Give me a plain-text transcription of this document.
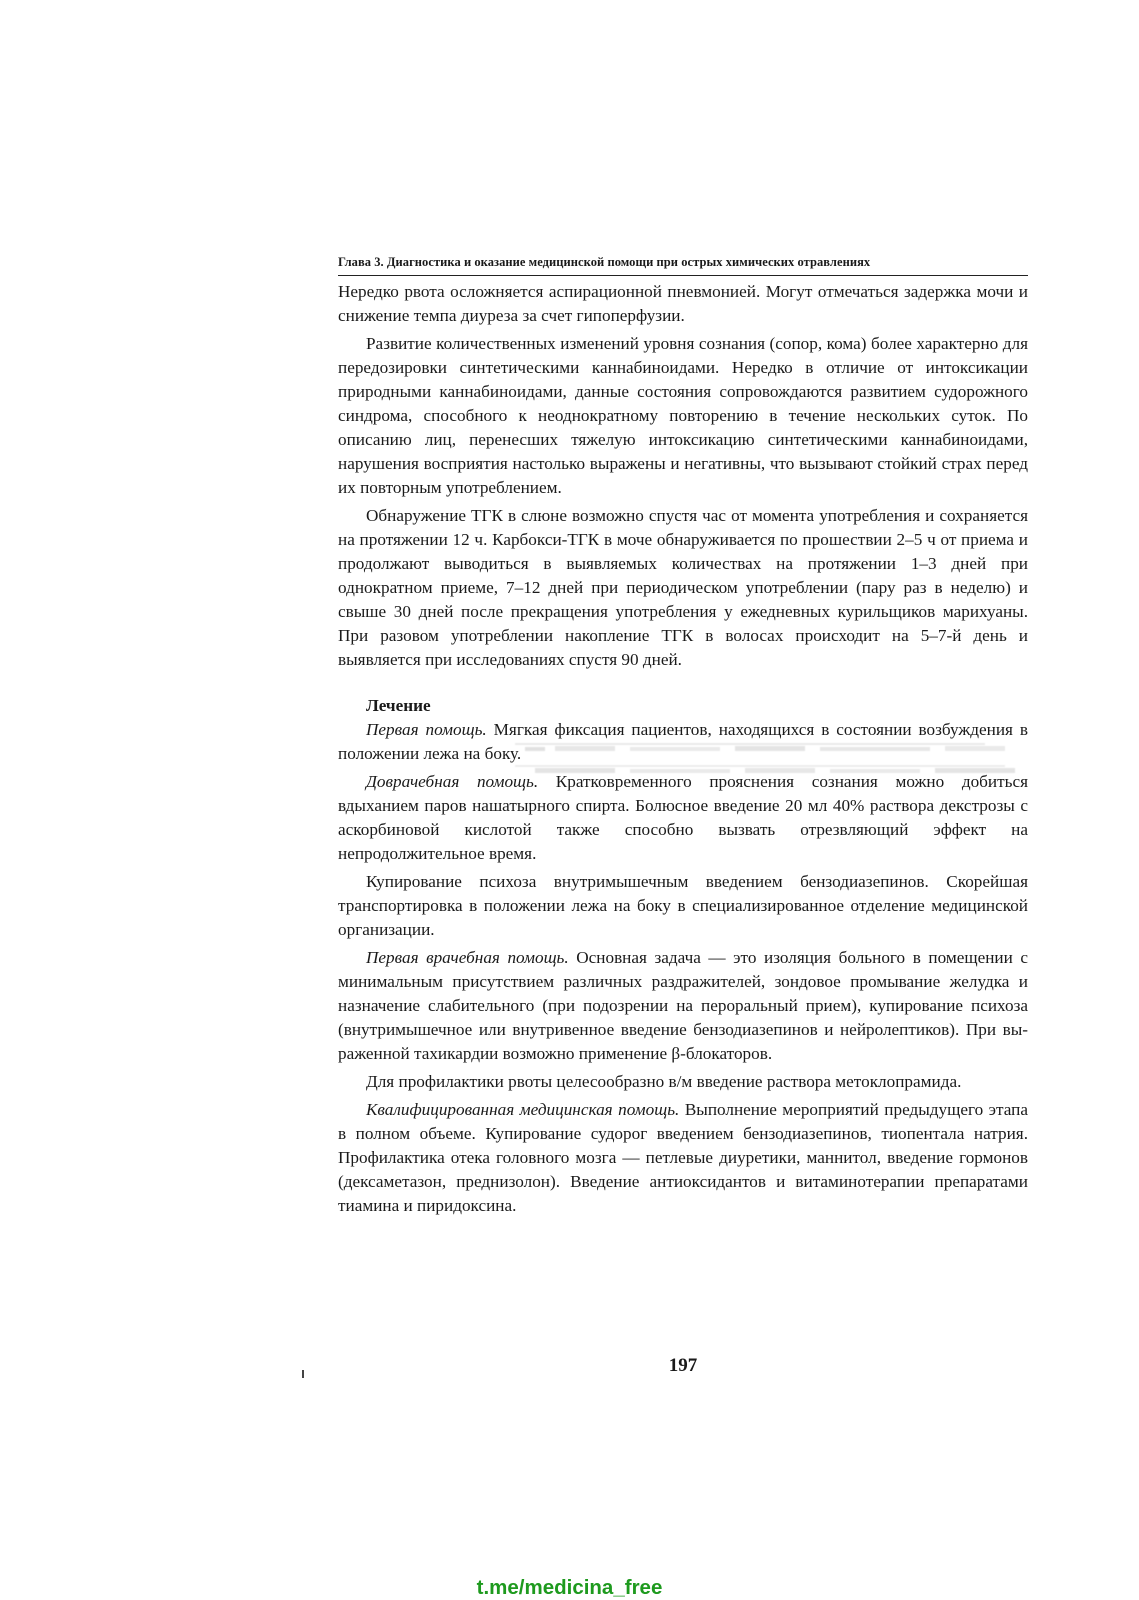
Глава 3. Диагностика и оказание медицинской помощи при острых химических отравлениях

Нередко рвота осложняется аспирационной пневмонией. Могут отмечаться задержка мочи и снижение темпа диуреза за счет гипоперфузии.

Развитие количественных изменений уровня сознания (сопор, кома) более характерно для передозировки синтетическими каннабиноидами. Нередко в отличие от интоксикации природными каннабиноидами, данные состояния сопровождаются развитием судорожного синдрома, способного к неоднократному повторению в течение нескольких суток. По описанию лиц, перенесших тяжелую интоксикацию синтетическими каннабиноидами, нарушения восприятия настолько выражены и негативны, что вызывают стойкий страх перед их повторным употреблением.

Обнаружение ТГК в слюне возможно спустя час от момента употребления и сохраняется на протяжении 12 ч. Карбокси-ТГК в моче обнаруживается по прошествии 2–5 ч от приема и продолжают выводиться в выявляемых количествах на протяжении 1–3 дней при однократном приеме, 7–12 дней при периодическом употреблении (пару раз в неделю) и свыше 30 дней после прекращения употребления у ежедневных курильщиков марихуаны. При разовом употреблении накопление ТГК в волосах происходит на 5–7-й день и выявляется при исследованиях спустя 90 дней.

Лечение

Первая помощь. Мягкая фиксация пациентов, находящихся в состоянии возбуждения в положении лежа на боку.

Доврачебная помощь. Кратковременного прояснения сознания можно добиться вдыханием паров нашатырного спирта. Болюсное введение 20 мл 40% раствора декстрозы с аскорбиновой кислотой также способно вызвать отрезвляющий эффект на непродолжительное время.

Купирование психоза внутримышечным введением бензодиазепинов. Скорейшая транспортировка в положении лежа на боку в специализированное отделение медицинской организации.

Первая врачебная помощь. Основная задача — это изоляция больного в помещении с минимальным присутствием различных раздражителей, зондовое промывание желудка и назначение слабительного (при подозрении на пероральный прием), купирование психоза (внутримышечное или внутривенное введение бензодиазепинов и нейролептиков). При выраженной тахикардии возможно применение β-блокаторов.

Для профилактики рвоты целесообразно в/м введение раствора метоклопрамида.

Квалифицированная медицинская помощь. Выполнение мероприятий предыдущего этапа в полном объеме. Купирование судорог введением бензодиазепинов, тиопентала натрия. Профилактика отека головного мозга — петлевые диуретики, маннитол, введение гормонов (дексаметазон, преднизолон). Введение антиоксидантов и витаминотерапии препаратами тиамина и пиридоксина.

197
t.me/medicina_free
